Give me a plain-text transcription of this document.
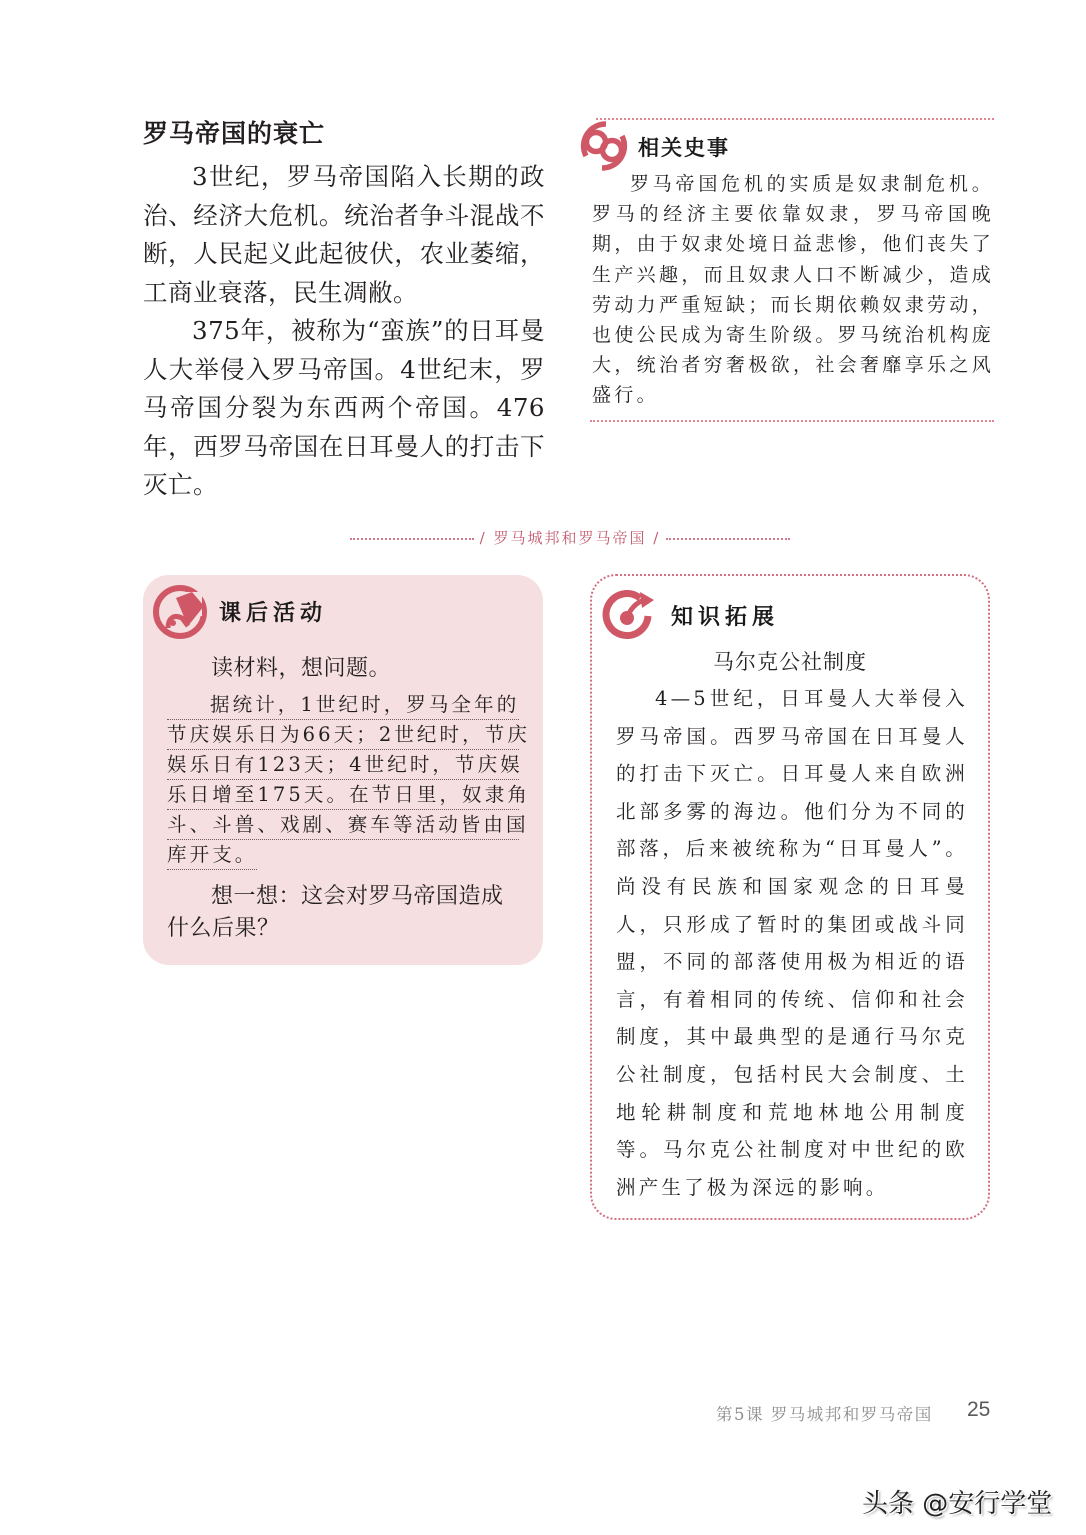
罗马帝国的衰亡

3世纪，罗马帝国陷入长期的政治、经济大危机。统治者争斗混战不断，人民起义此起彼伏，农业萎缩，工商业衰落，民生凋敝。

375年，被称为“蛮族”的日耳曼人大举侵入罗马帝国。4世纪末，罗马帝国分裂为东西两个帝国。476年，西罗马帝国在日耳曼人的打击下灭亡。

相关史事

罗马帝国危机的实质是奴隶制危机。罗马的经济主要依靠奴隶，罗马帝国晚期，由于奴隶处境日益悲惨，他们丧失了生产兴趣，而且奴隶人口不断减少，造成劳动力严重短缺；而长期依赖奴隶劳动，也使公民成为寄生阶级。罗马统治机构庞大，统治者穷奢极欲，社会奢靡享乐之风盛行。

/ 罗马城邦和罗马帝国 /
课后活动
读材料，想问题。
据统计，1世纪时，罗马全年的
节庆娱乐日为66天；2世纪时，节庆
娱乐日有123天；4世纪时，节庆娱
乐日增至175天。在节日里，奴隶角
斗、斗兽、戏剧、赛车等活动皆由国
库开支。

想一想：这会对罗马帝国造成什么后果？

知识拓展
马尔克公社制度

4—5世纪，日耳曼人大举侵入罗马帝国。西罗马帝国在日耳曼人的打击下灭亡。日耳曼人来自欧洲北部多雾的海边。他们分为不同的部落，后来被统称为“日耳曼人”。尚没有民族和国家观念的日耳曼人，只形成了暂时的集团或战斗同盟，不同的部落使用极为相近的语言，有着相同的传统、信仰和社会制度，其中最典型的是通行马尔克公社制度，包括村民大会制度、土地轮耕制度和荒地林地公用制度等。马尔克公社制度对中世纪的欧洲产生了极为深远的影响。

第5课 罗马城邦和罗马帝国 25
头条 @安行学堂
